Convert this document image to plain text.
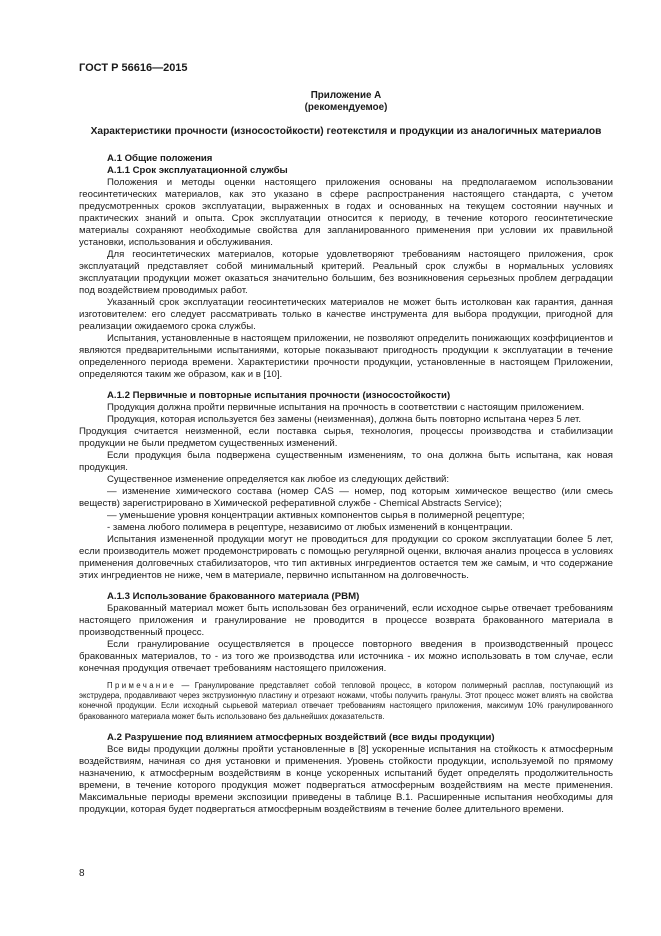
ГОСТ Р 56616—2015
Приложение А
(рекомендуемое)
Характеристики прочности (износостойкости) геотекстиля и продукции из аналогичных материалов
А.1 Общие положения
А.1.1 Срок эксплуатационной службы

Положения и методы оценки настоящего приложения основаны на предполагаемом использовании геосинтетических материалов, как это указано в сфере распространения настоящего стандарта, с учетом предусмотренных сроков эксплуатации, выраженных в годах и основанных на текущем состоянии научных и практических знаний и опыта. Срок эксплуатации относится к периоду, в течение которого геосинтетические материалы сохраняют необходимые свойства для запланированного применения при условии их правильной установки, использования и обслуживания.

Для геосинтетических материалов, которые удовлетворяют требованиям настоящего приложения, срок эксплуатаций представляет собой минимальный критерий. Реальный срок службы в нормальных условиях эксплуатации продукции может оказаться значительно большим, без возникновения серьезных проблем деградации под воздействием проводимых работ.

Указанный срок эксплуатации геосинтетических материалов не может быть истолкован как гарантия, данная изготовителем: его следует рассматривать только в качестве инструмента для выбора продукции, пригодной для реализации ожидаемого срока службы.

Испытания, установленные в настоящем приложении, не позволяют определить понижающих коэффициентов и являются предварительными испытаниями, которые показывают пригодность продукции к эксплуатации в течение определенного периода времени. Характеристики прочности продукции, установленные в настоящем Приложении, определяются таким же образом, как и в [10].

А.1.2 Первичные и повторные испытания прочности (износостойкости)

Продукция должна пройти первичные испытания на прочность в соответствии с настоящим приложением.

Продукция, которая используется без замены (неизменная), должна быть повторно испытана через 5 лет.

Продукция считается неизменной, если поставка сырья, технология, процессы производства и стабилизации продукции не были предметом существенных изменений.

Если продукция была подвержена существенным изменениям, то она должна быть испытана, как новая продукция.

Существенное изменение определяется как любое из следующих действий:

— изменение химического состава (номер CAS — номер, под которым химическое вещество (или смесь веществ) зарегистрировано в Химической реферативной службе - Chemical Abstracts Service);

— уменьшение уровня концентрации активных компонентов сырья в полимерной рецептуре;

- замена любого полимера в рецептуре, независимо от любых изменений в концентрации.

Испытания измененной продукции могут не проводиться для продукции со сроком эксплуатации более 5 лет, если производитель может продемонстрировать с помощью регулярной оценки, включая анализ процесса в условиях применения долговечных стабилизаторов, что тип активных ингредиентов остается тем же самым, и что содержание этих ингредиентов не ниже, чем в материале, первично испытанном на долговечность.

А.1.3 Использование бракованного материала (РВМ)

Бракованный материал может быть использован без ограничений, если исходное сырье отвечает требованиям настоящего приложения и гранулирование не проводится в процессе возврата бракованного материала в производственный процесс.

Если гранулирование осуществляется в процессе повторного введения в производственный процесс бракованных материалов, то - из того же производства или источника - их можно использовать в том случае, если конечная продукция отвечает требованиям настоящего приложения.

Примечание — Гранулирование представляет собой тепловой процесс, в котором полимерный расплав, поступающий из экструдера, продавливают через экструзионную пластину и отрезают ножами, чтобы получить гранулы. Этот процесс может влиять на свойства конечной продукции. Если исходный сырьевой материал отвечает требованиям настоящего приложения, максимум 10% гранулированного бракованного материала может быть использовано без дальнейших доказательств.
А.2 Разрушение под влиянием атмосферных воздействий (все виды продукции)

Все виды продукции должны пройти установленные в [8] ускоренные испытания на стойкость к атмосферным воздействиям, начиная со дня установки и применения. Уровень стойкости продукции, используемой по прямому назначению, к атмосферным воздействиям в конце ускоренных испытаний будет определять продолжительность времени, в течение которого продукция может подвергаться атмосферным воздействиям на месте применения. Максимальные периоды времени экспозиции приведены в таблице В.1. Расширенные испытания необходимы для продукции, которая будет подвергаться атмосферным воздействиям в течение более длительного времени.

8
